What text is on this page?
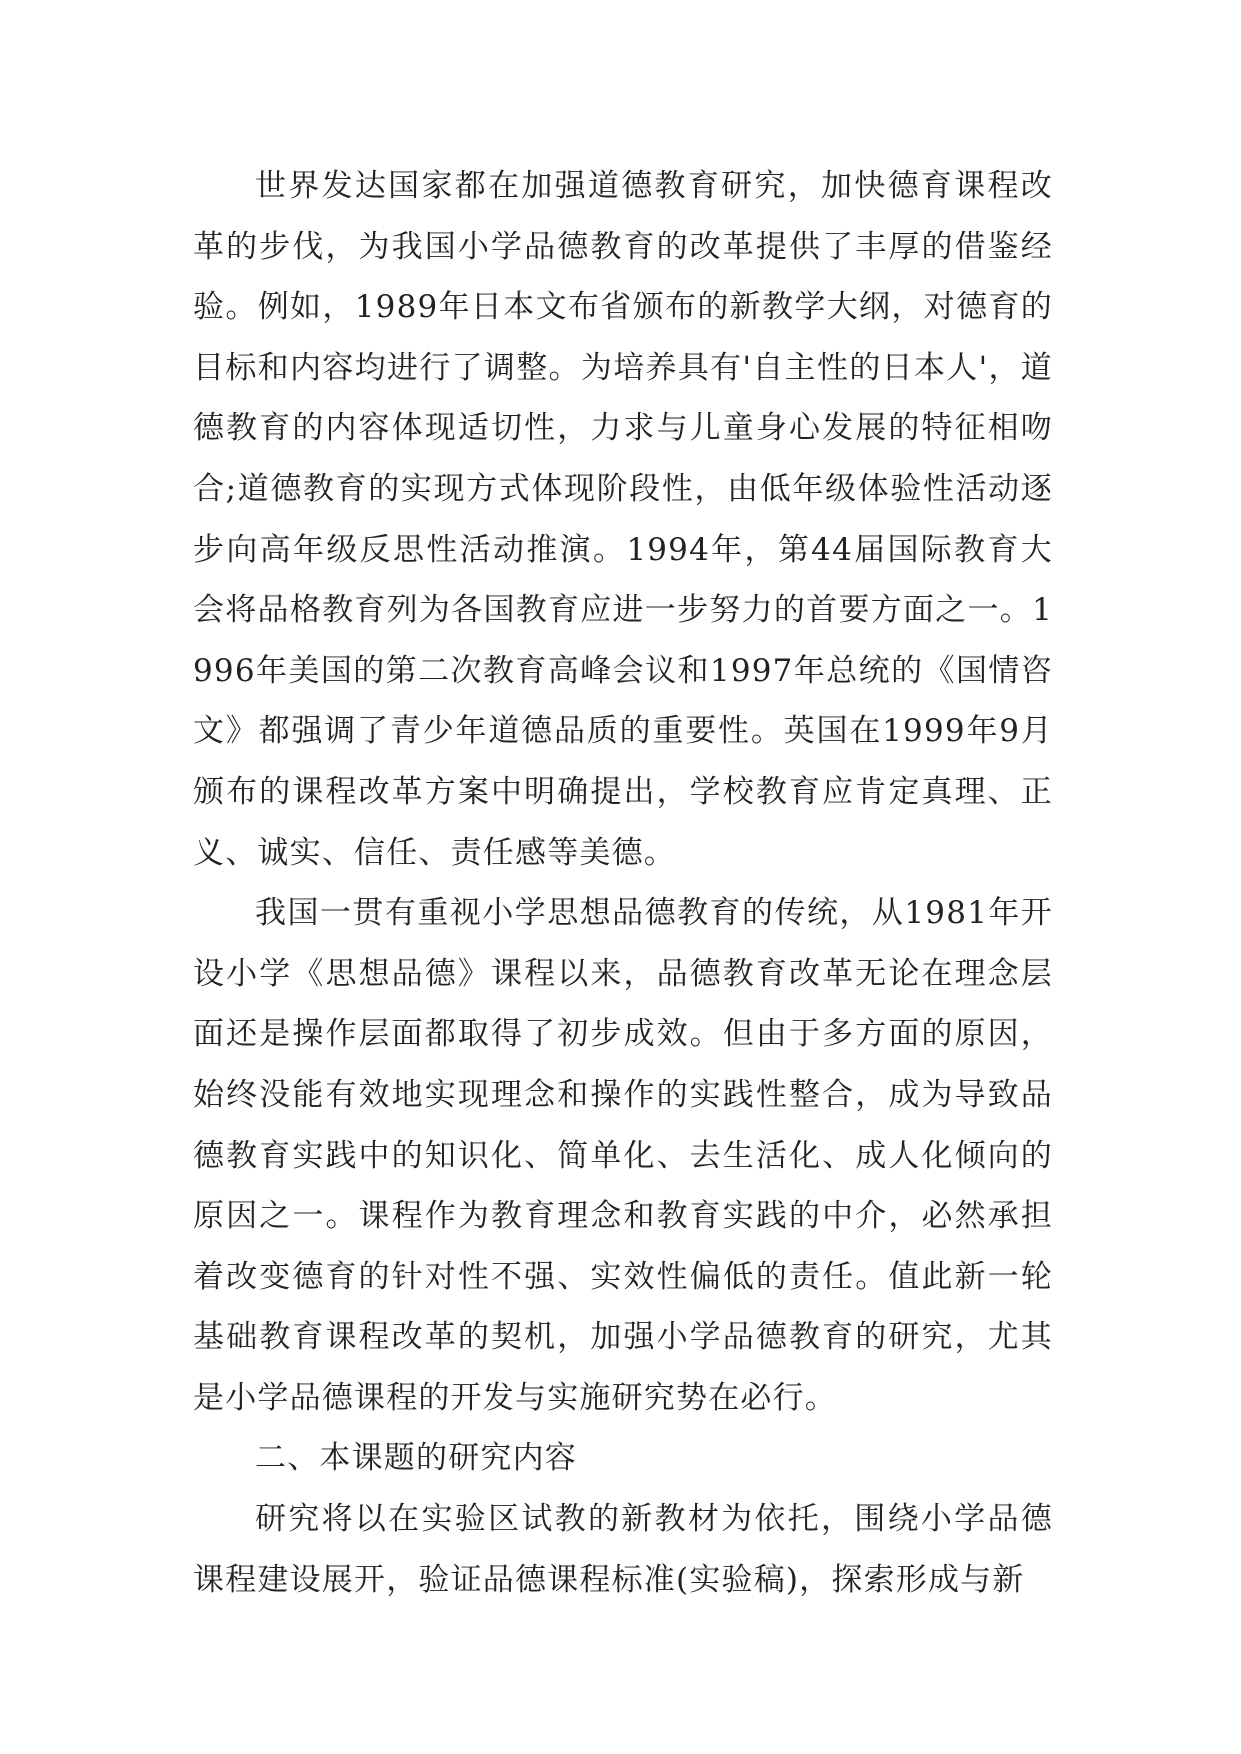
世界发达国家都在加强道德教育研究，加快德育课程改革的步伐，为我国小学品德教育的改革提供了丰厚的借鉴经验。例如，1989年日本文布省颁布的新教学大纲，对德育的目标和内容均进行了调整。为培养具有'自主性的日本人'，道德教育的内容体现适切性，力求与儿童身心发展的特征相吻合;道德教育的实现方式体现阶段性，由低年级体验性活动逐步向高年级反思性活动推演。1994年，第44届国际教育大会将品格教育列为各国教育应进一步努力的首要方面之一。1996年美国的第二次教育高峰会议和1997年总统的《国情咨文》都强调了青少年道德品质的重要性。英国在1999年9月颁布的课程改革方案中明确提出，学校教育应肯定真理、正义、诚实、信任、责任感等美德。

我国一贯有重视小学思想品德教育的传统，从1981年开设小学《思想品德》课程以来，品德教育改革无论在理念层面还是操作层面都取得了初步成效。但由于多方面的原因，始终没能有效地实现理念和操作的实践性整合，成为导致品德教育实践中的知识化、简单化、去生活化、成人化倾向的原因之一。课程作为教育理念和教育实践的中介，必然承担着改变德育的针对性不强、实效性偏低的责任。值此新一轮基础教育课程改革的契机，加强小学品德教育的研究，尤其是小学品德课程的开发与实施研究势在必行。

二、本课题的研究内容

研究将以在实验区试教的新教材为依托，围绕小学品德课程建设展开，验证品德课程标准(实验稿)，探索形成与新
